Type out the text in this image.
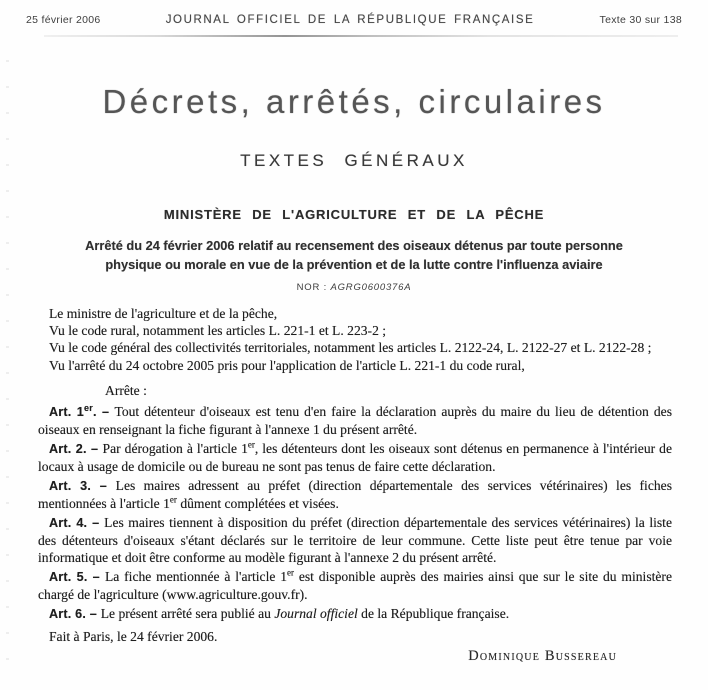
25 février 2006	JOURNAL OFFICIEL DE LA RÉPUBLIQUE FRANÇAISE	Texte 30 sur 138
Décrets, arrêtés, circulaires
TEXTES GÉNÉRAUX
MINISTÈRE DE L'AGRICULTURE ET DE LA PÊCHE
Arrêté du 24 février 2006 relatif au recensement des oiseaux détenus par toute personne
physique ou morale en vue de la prévention et de la lutte contre l'influenza aviaire
NOR : AGRG0600376A

Le ministre de l'agriculture et de la pêche,

Vu le code rural, notamment les articles L. 221-1 et L. 223-2 ;

Vu le code général des collectivités territoriales, notamment les articles L. 2122-24, L. 2122-27 et L. 2122-28 ;

Vu l'arrêté du 24 octobre 2005 pris pour l'application de l'article L. 221-1 du code rural,

Arrête :

Art. 1er. – Tout détenteur d'oiseaux est tenu d'en faire la déclaration auprès du maire du lieu de détention des oiseaux en renseignant la fiche figurant à l'annexe 1 du présent arrêté.

Art. 2. – Par dérogation à l'article 1er, les détenteurs dont les oiseaux sont détenus en permanence à l'intérieur de locaux à usage de domicile ou de bureau ne sont pas tenus de faire cette déclaration.

Art. 3. – Les maires adressent au préfet (direction départementale des services vétérinaires) les fiches mentionnées à l'article 1er dûment complétées et visées.

Art. 4. – Les maires tiennent à disposition du préfet (direction départementale des services vétérinaires) la liste des détenteurs d'oiseaux s'étant déclarés sur le territoire de leur commune. Cette liste peut être tenue par voie informatique et doit être conforme au modèle figurant à l'annexe 2 du présent arrêté.

Art. 5. – La fiche mentionnée à l'article 1er est disponible auprès des mairies ainsi que sur le site du ministère chargé de l'agriculture (www.agriculture.gouv.fr).

Art. 6. – Le présent arrêté sera publié au Journal officiel de la République française.

Fait à Paris, le 24 février 2006.

Dominique Bussereau
